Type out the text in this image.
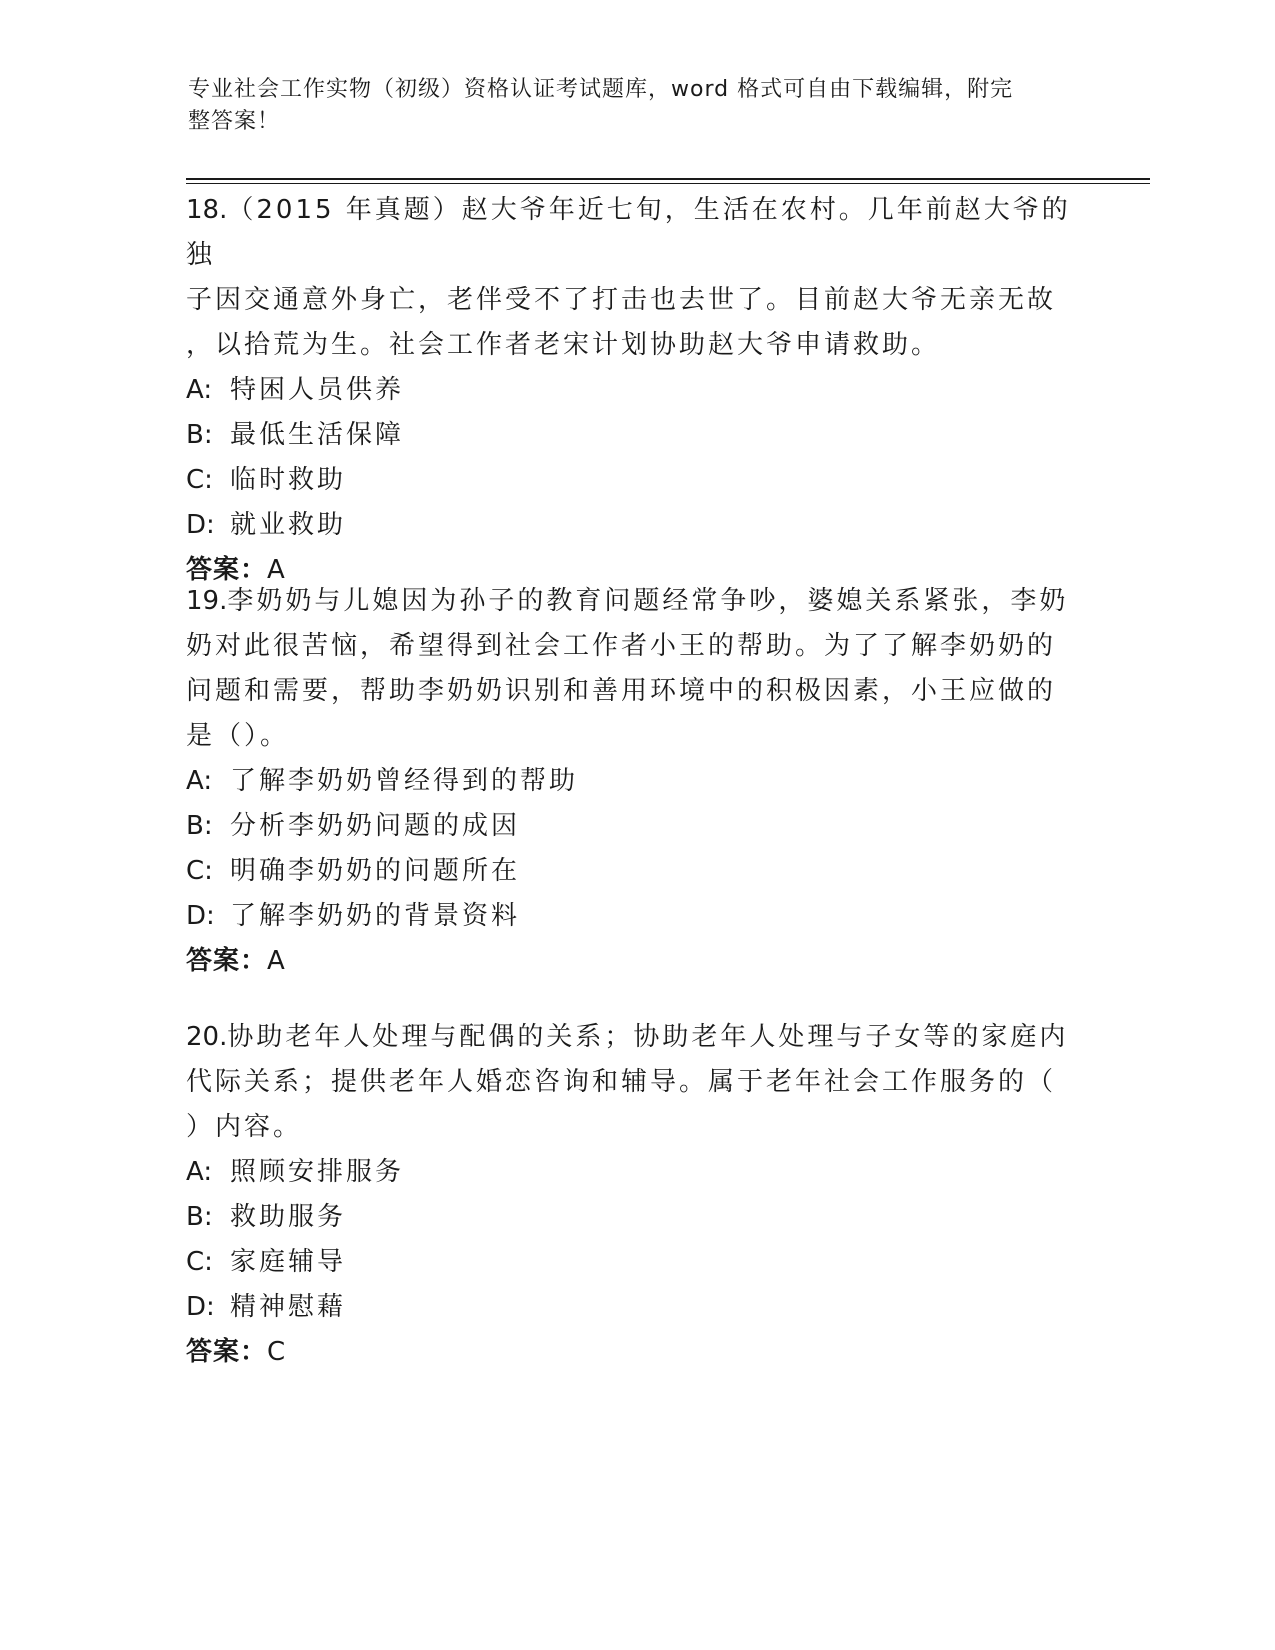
专业社会工作实物（初级）资格认证考试题库，word 格式可自由下载编辑，附完
整答案！
18.（2015 年真题）赵大爷年近七旬，生活在农村。几年前赵大爷的独
子因交通意外身亡，老伴受不了打击也去世了。目前赵大爷无亲无故
，以拾荒为生。社会工作者老宋计划协助赵大爷申请救助。
A: 特困人员供养
B: 最低生活保障
C: 临时救助
D: 就业救助
答案：A
19.李奶奶与儿媳因为孙子的教育问题经常争吵，婆媳关系紧张，李奶
奶对此很苦恼，希望得到社会工作者小王的帮助。为了了解李奶奶的
问题和需要，帮助李奶奶识别和善用环境中的积极因素，小王应做的
是（）。
A: 了解李奶奶曾经得到的帮助
B: 分析李奶奶问题的成因
C: 明确李奶奶的问题所在
D: 了解李奶奶的背景资料
答案：A
20.协助老年人处理与配偶的关系；协助老年人处理与子女等的家庭内
代际关系；提供老年人婚恋咨询和辅导。属于老年社会工作服务的（
）内容。
A: 照顾安排服务
B: 救助服务
C: 家庭辅导
D: 精神慰藉
答案：C
